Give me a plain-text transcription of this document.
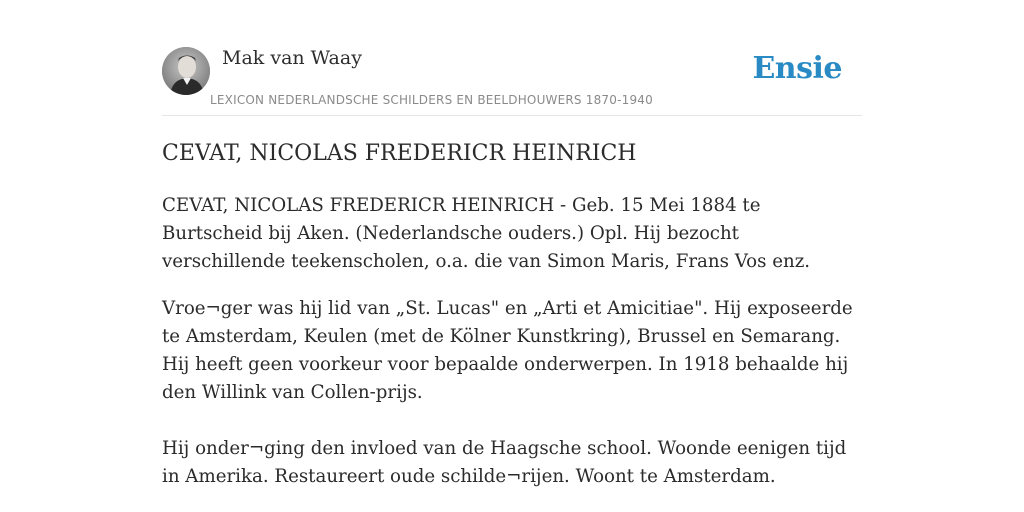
Mak van Waay
LEXICON NEDERLANDSCHE SCHILDERS EN BEELDHOUWERS 1870-1940
Ensie
CEVAT, NICOLAS FREDERICR HEINRICH

CEVAT, NICOLAS FREDERICR HEINRICH - Geb. 15 Mei 1884 te Burtscheid bij Aken. (Nederlandsche ouders.) Opl. Hij bezocht verschillende teekenscholen, o.a. die van Simon Maris, Frans Vos enz.

Vroe¬ger was hij lid van „St. Lucas" en „Arti et Amicitiae". Hij exposeerde te Amsterdam, Keulen (met de Kölner Kunstkring), Brussel en Semarang. Hij heeft geen voorkeur voor bepaalde onderwerpen. In 1918 behaalde hij den Willink van Collen-prijs.

Hij onder¬ging den invloed van de Haagsche school. Woonde eenigen tijd in Amerika. Restaureert oude schilde¬rijen. Woont te Amsterdam.
